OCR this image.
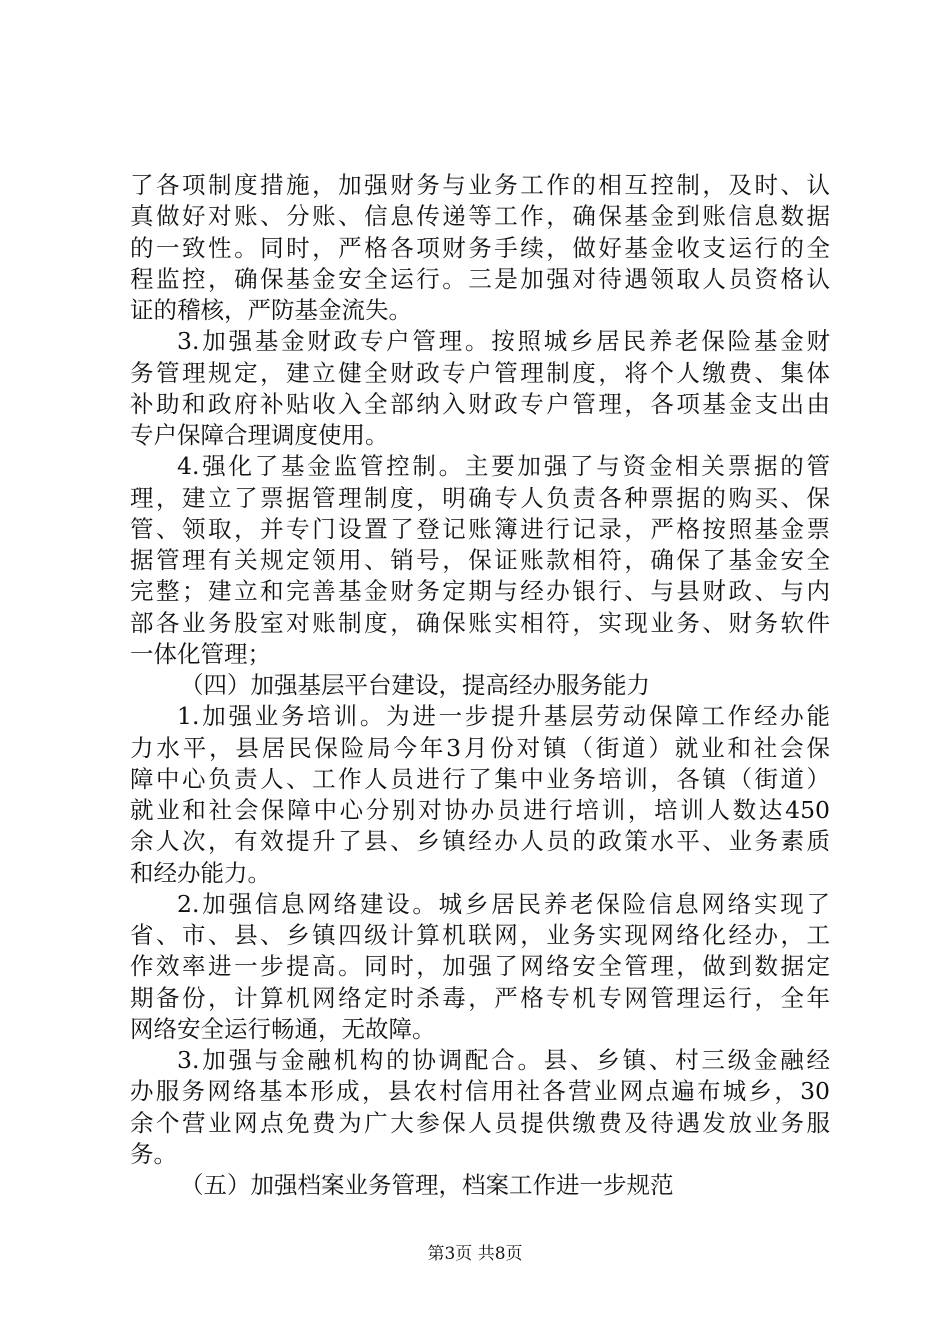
了各项制度措施，加强财务与业务工作的相互控制，及时、认
真做好对账、分账、信息传递等工作，确保基金到账信息数据
的一致性。同时，严格各项财务手续，做好基金收支运行的全
程监控，确保基金安全运行。三是加强对待遇领取人员资格认
证的稽核，严防基金流失。
3.加强基金财政专户管理。按照城乡居民养老保险基金财
务管理规定，建立健全财政专户管理制度，将个人缴费、集体
补助和政府补贴收入全部纳入财政专户管理，各项基金支出由
专户保障合理调度使用。
4.强化了基金监管控制。主要加强了与资金相关票据的管
理，建立了票据管理制度，明确专人负责各种票据的购买、保
管、领取，并专门设置了登记账簿进行记录，严格按照基金票
据管理有关规定领用、销号，保证账款相符，确保了基金安全
完整；建立和完善基金财务定期与经办银行、与县财政、与内
部各业务股室对账制度，确保账实相符，实现业务、财务软件
一体化管理；
（四）加强基层平台建设，提高经办服务能力
1.加强业务培训。为进一步提升基层劳动保障工作经办能
力水平，县居民保险局今年3月份对镇（街道）就业和社会保
障中心负责人、工作人员进行了集中业务培训，各镇（街道）
就业和社会保障中心分别对协办员进行培训，培训人数达450
余人次，有效提升了县、乡镇经办人员的政策水平、业务素质
和经办能力。
2.加强信息网络建设。城乡居民养老保险信息网络实现了
省、市、县、乡镇四级计算机联网，业务实现网络化经办，工
作效率进一步提高。同时，加强了网络安全管理，做到数据定
期备份，计算机网络定时杀毒，严格专机专网管理运行，全年
网络安全运行畅通，无故障。
3.加强与金融机构的协调配合。县、乡镇、村三级金融经
办服务网络基本形成，县农村信用社各营业网点遍布城乡，30
余个营业网点免费为广大参保人员提供缴费及待遇发放业务服
务。
（五）加强档案业务管理，档案工作进一步规范
第3页 共8页
